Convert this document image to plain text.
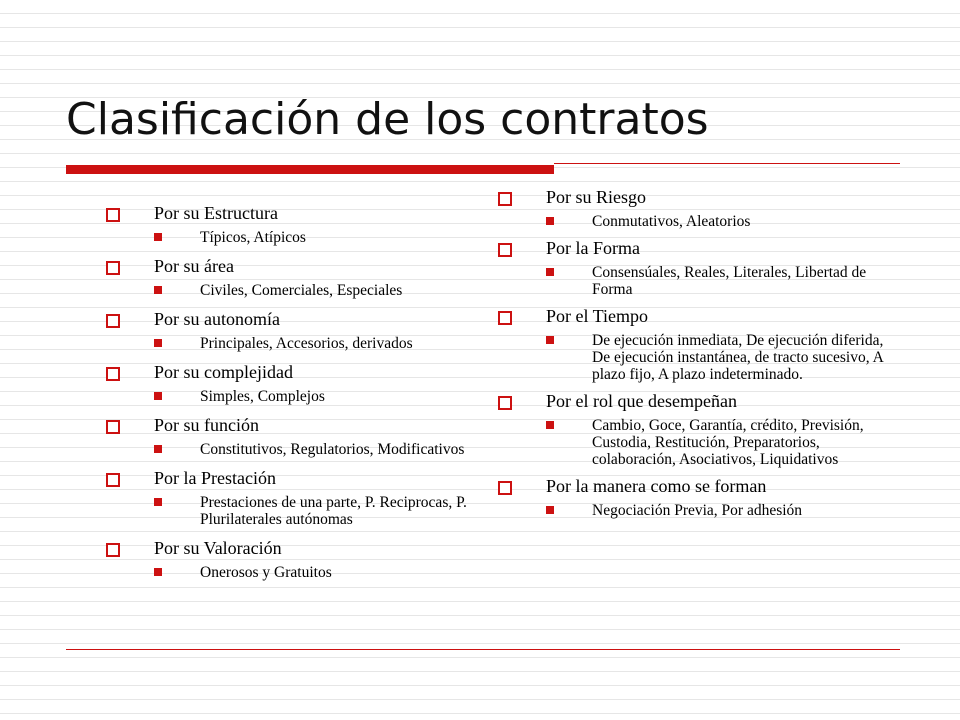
Clasificación de los contratos
Por su Estructura
Típicos, Atípicos
Por su área
Civiles, Comerciales, Especiales
Por su autonomía
Principales, Accesorios, derivados
Por su complejidad
Simples, Complejos
Por su función
Constitutivos, Regulatorios, Modificativos
Por la Prestación
Prestaciones de una parte, P. Reciprocas, P. Plurilaterales autónomas
Por su Valoración
Onerosos y Gratuitos
Por su Riesgo
Conmutativos, Aleatorios
Por la Forma
Consensúales, Reales, Literales, Libertad de Forma
Por el Tiempo
De ejecución inmediata, De ejecución diferida, De ejecución instantánea, de tracto sucesivo, A plazo fijo, A plazo indeterminado.
Por el rol que desempeñan
Cambio, Goce, Garantía, crédito, Previsión, Custodia, Restitución, Preparatorios, colaboración, Asociativos, Liquidativos
Por la manera como se forman
Negociación Previa, Por adhesión
